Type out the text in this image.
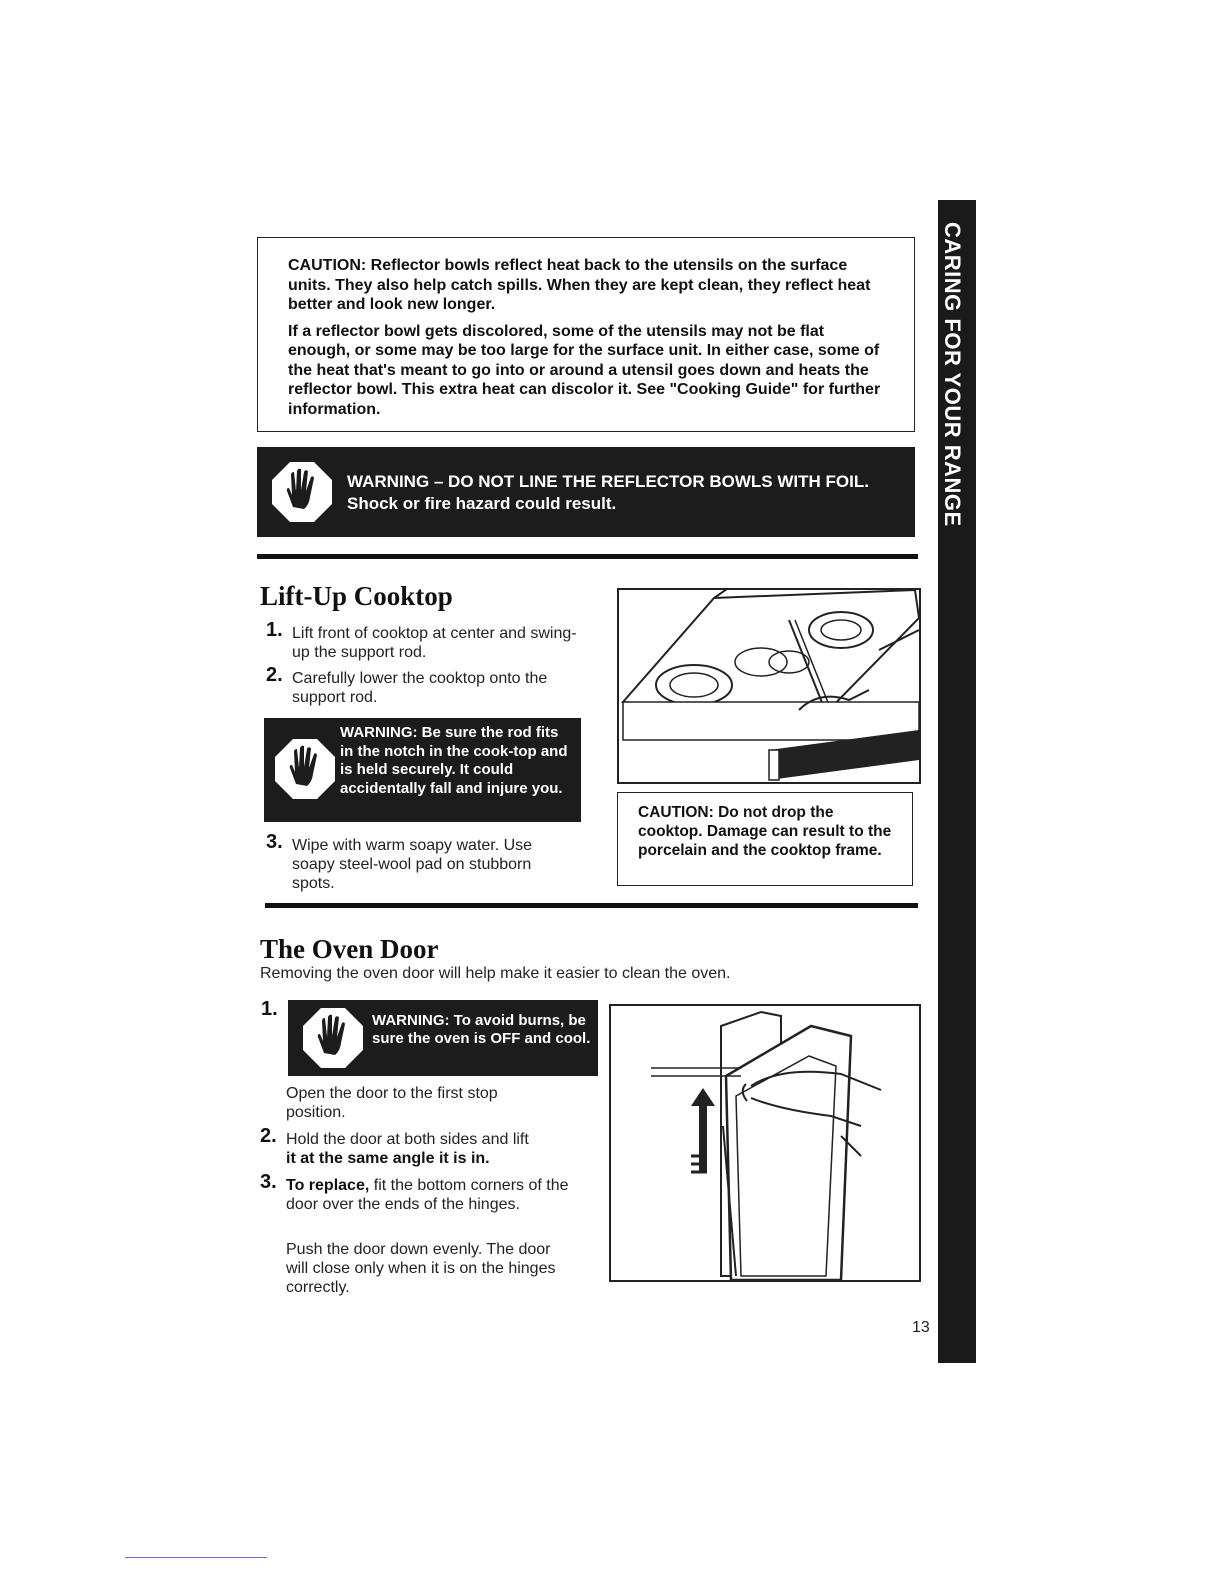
CARING FOR YOUR RANGE

CAUTION: Reflector bowls reflect heat back to the utensils on the surface units. They also help catch spills. When they are kept clean, they reflect heat better and look new longer.

If a reflector bowl gets discolored, some of the utensils may not be flat enough, or some may be too large for the surface unit. In either case, some of the heat that's meant to go into or around a utensil goes down and heats the reflector bowl. This extra heat can discolor it. See "Cooking Guide" for further information.

WARNING – DO NOT LINE THE REFLECTOR BOWLS WITH FOIL.
Shock or fire hazard could result.
Lift-Up Cooktop
1. Lift front of cooktop at center and swing-up the support rod.
2. Carefully lower the cooktop onto the support rod.
WARNING: Be sure the rod fits in the notch in the cook-top and is held securely. It could accidentally fall and injure you.
3. Wipe with warm soapy water. Use soapy steel-wool pad on stubborn spots.
CAUTION: Do not drop the cooktop. Damage can result to the porcelain and the cooktop frame.
The Oven Door
Removing the oven door will help make it easier to clean the oven.
1.
WARNING: To avoid burns, be sure the oven is OFF and cool.
Open the door to the first stop position.
2. Hold the door at both sides and lift
it at the same angle it is in.
3. To replace, fit the bottom corners of the door over the ends of the hinges.
Push the door down evenly. The door will close only when it is on the hinges correctly.
13
